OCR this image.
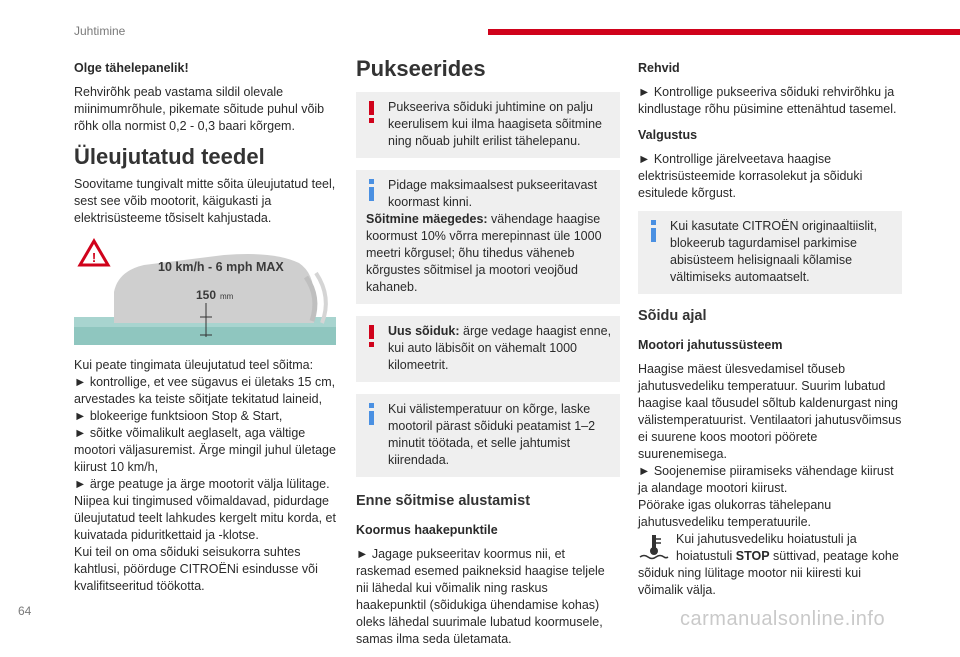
Juhtimine
Olge tähelepanelik!

Rehvirõhk peab vastama sildil olevale miinimumrõhule, pikemate sõitude puhul võib rõhk olla normist 0,2 - 0,3 baari kõrgem.

Üleujutatud teedel

Soovitame tungivalt mitte sõita üleujutatud teel, sest see võib mootorit, käigukasti ja elektrisüsteeme tõsiselt kahjustada.

!
10 km/h - 6 mph MAX
150 mm

Kui peate tingimata üleujutatud teel sõitma:

► kontrollige, et vee sügavus ei ületaks 15 cm, arvestades ka teiste sõitjate tekitatud laineid,

► blokeerige funktsioon Stop & Start,

► sõitke võimalikult aeglaselt, aga vältige mootori väljasuremist. Ärge mingil juhul ületage kiirust 10 km/h,

► ärge peatuge ja ärge mootorit välja lülitage.

Niipea kui tingimused võimaldavad, pidurdage üleujutatud teelt lahkudes kergelt mitu korda, et kuivatada piduritkettaid ja -klotse.

Kui teil on oma sõiduki seisukorra suhtes kahtlusi, pöörduge CITROËNi esindusse või kvalifitseeritud töökotta.

Pukseerides
Pukseeriva sõiduki juhtimine on palju keerulisem kui ilma haagiseta sõitmine ning nõuab juhilt erilist tähelepanu.
Pidage maksimaalsest pukseeritavast koormast kinni.
Sõitmine mäegedes: vähendage haagise koormust 10% võrra merepinnast üle 1000 meetri kõrgusel; õhu tihedus väheneb kõrgustes sõitmisel ja mootori veojõud kahaneb.
Uus sõiduk: ärge vedage haagist enne, kui auto läbisõit on vähemalt 1000 kilomeetrit.
Kui välistemperatuur on kõrge, laske mootoril pärast sõiduki peatamist 1–2 minutit töötada, et selle jahtumist kiirendada.
Enne sõitmise alustamist
Koormus haakepunktile

► Jagage pukseeritav koormus nii, et raskemad esemed paikneksid haagise teljele nii lähedal kui võimalik ning raskus haakepunktil (sõidukiga ühendamise kohas) oleks lähedal suurimale lubatud koormusele, samas ilma seda ületamata.

Rehvid

► Kontrollige pukseeriva sõiduki rehvirõhku ja kindlustage rõhu püsimine ettenähtud tasemel.

Valgustus

► Kontrollige järelveetava haagise elektrisüsteemide korrasolekut ja sõiduki esitulede kõrgust.

Kui kasutate CITROËN originaaltiislit, blokeerub tagurdamisel parkimise abisüsteem helisignaali kõlamise vältimiseks automaatselt.
Sõidu ajal
Mootori jahutussüsteem

Haagise mäest ülesvedamisel tõuseb jahutusvedeliku temperatuur. Suurim lubatud haagise kaal tõusudel sõltub kaldenurgast ning välistemperatuurist. Ventilaatori jahutusvõimsus ei suurene koos mootori pöörete suurenemisega.

► Soojenemise piiramiseks vähendage kiirust ja alandage mootori kiirust.

Pöörake igas olukorras tähelepanu jahutusvedeliku temperatuurile.

Kui jahutusvedeliku hoiatustuli ja hoiatustuli STOP süttivad, peatage kohe sõiduk ning lülitage mootor nii kiiresti kui võimalik välja.
64	carmanualsonline.info
